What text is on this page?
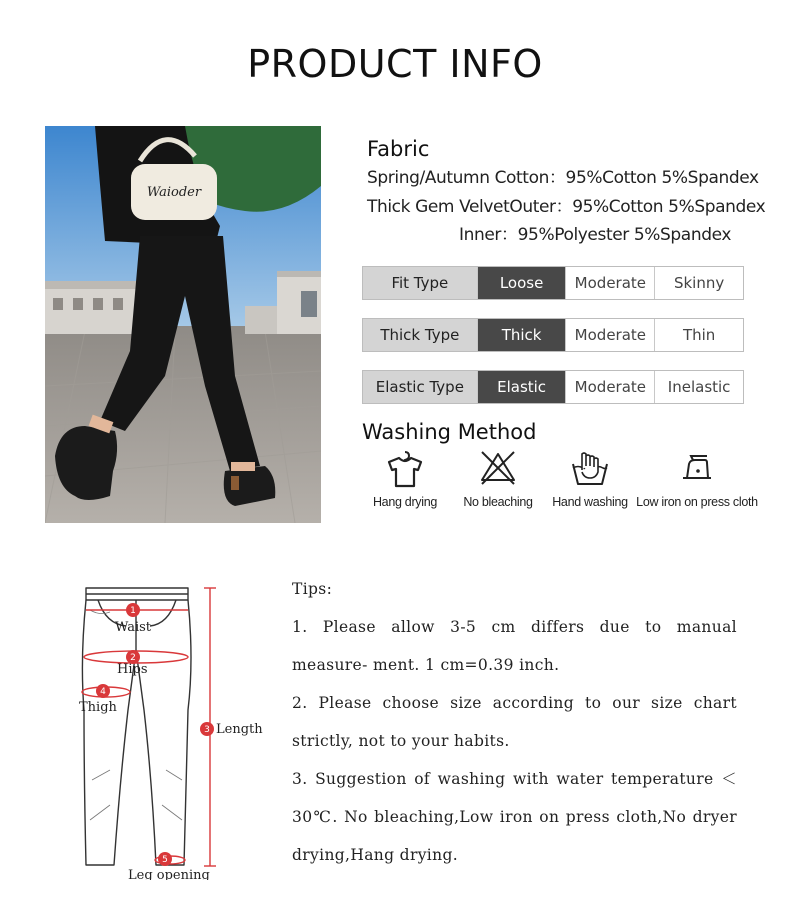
PRODUCT INFO
Waioder
Fabric
Spring/Autumn Cotton：95%Cotton 5%Spandex
Thick Gem VelvetOuter：95%Cotton 5%Spandex
Inner：95%Polyester 5%Spandex
Fit Type	Loose	Moderate	Skinny
Thick Type	Thick	Moderate	Thin
Elastic Type	Elastic	Moderate	Inelastic
Washing Method
Hang drying	No bleaching	Hand washing Low iron on press cloth
1
2
3
4
5
Waist
Hips
Thigh
Length
Leg opening

Tips:

1. Please allow 3-5 cm differs due to manual measure- ment. 1 cm=0.39 inch.

2. Please choose size according to our size chart strictly, not to your habits.

3. Suggestion of washing with water temperature ＜ 30℃. No bleaching,Low iron on press cloth,No dryer drying,Hang drying.
